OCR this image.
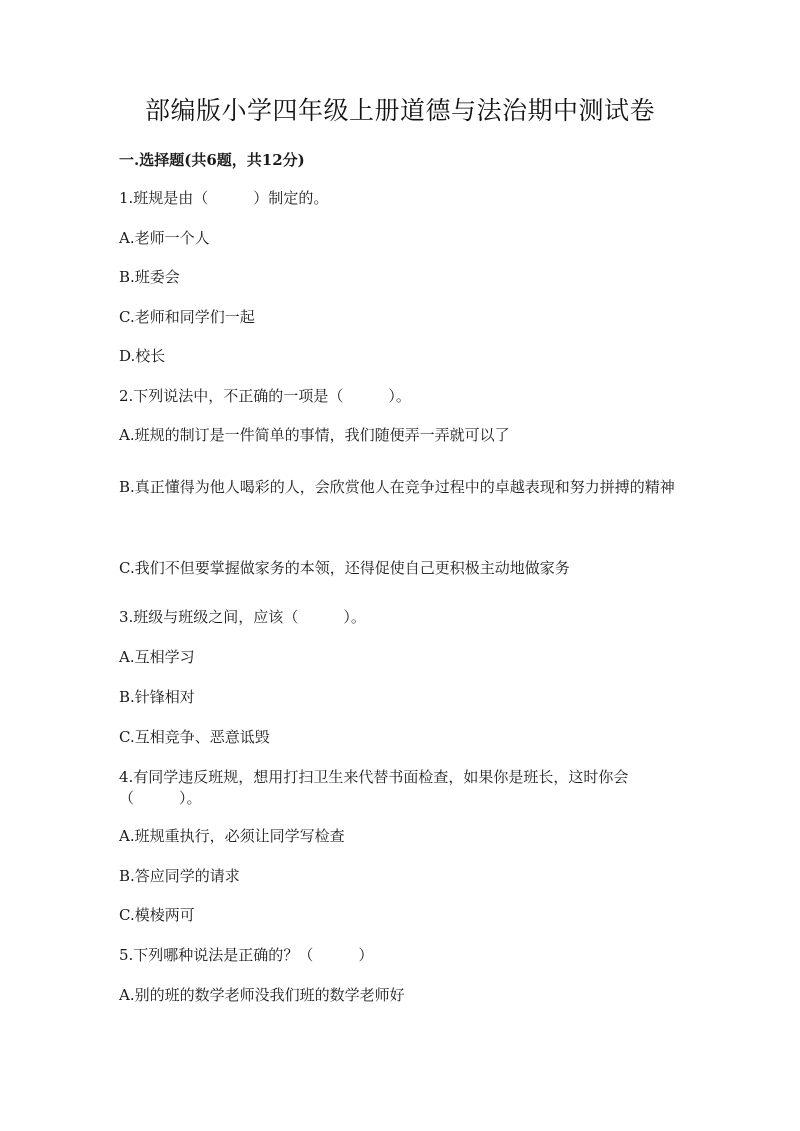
部编版小学四年级上册道德与法治期中测试卷
一.选择题(共6题，共12分)
1.班规是由（　　　）制定的。
A.老师一个人
B.班委会
C.老师和同学们一起
D.校长
2.下列说法中，不正确的一项是（　　　）。
A.班规的制订是一件简单的事情，我们随便弄一弄就可以了
B.真正懂得为他人喝彩的人，会欣赏他人在竞争过程中的卓越表现和努力拼搏的精神
C.我们不但要掌握做家务的本领，还得促使自己更积极主动地做家务
3.班级与班级之间，应该（　　　）。
A.互相学习
B.针锋相对
C.互相竞争、恶意诋毁
4.有同学违反班规，想用打扫卫生来代替书面检查，如果你是班长，这时你会（　　　）。
A.班规重执行，必须让同学写检查
B.答应同学的请求
C.模棱两可
5.下列哪种说法是正确的？（　　　）
A.别的班的数学老师没我们班的数学老师好
